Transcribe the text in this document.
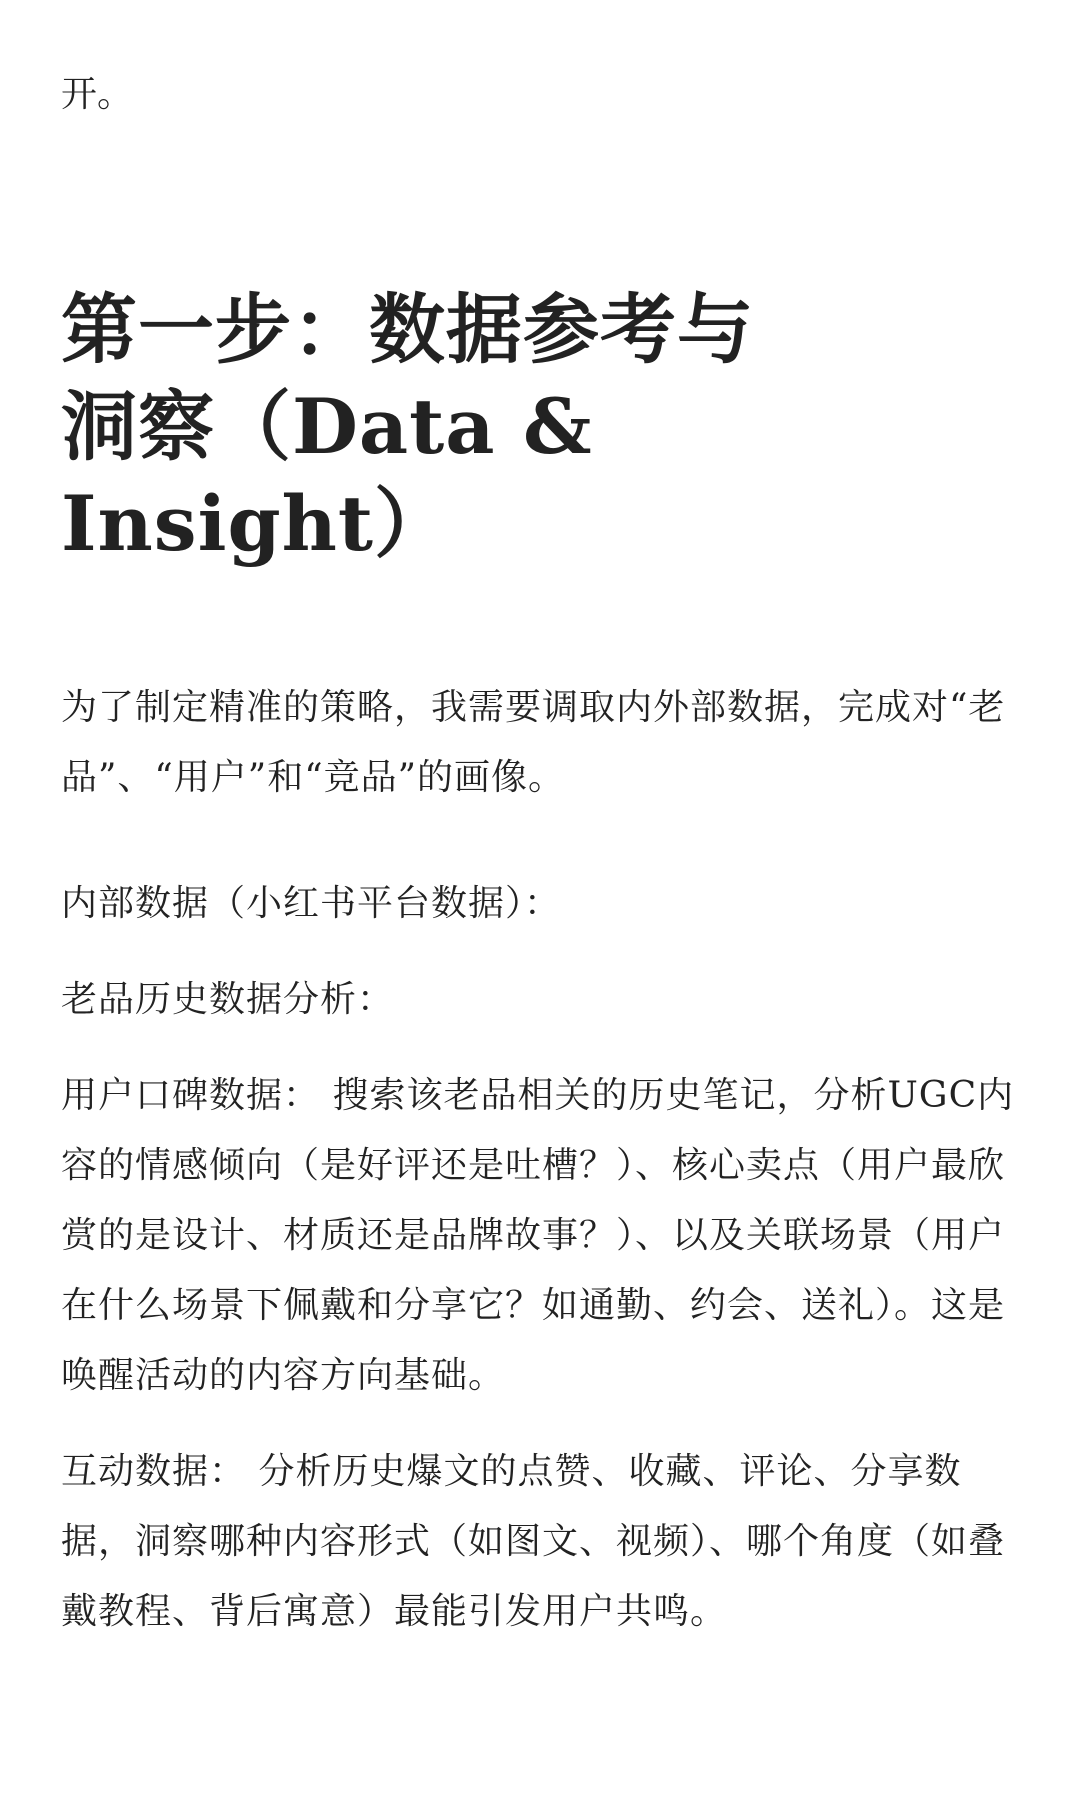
开。

第一步：数据参考与洞察（Data & Insight）

为了制定精准的策略，我需要调取内外部数据，完成对“老品”、“用户”和“竞品”的画像。

内部数据（小红书平台数据）：

老品历史数据分析：

用户口碑数据： 搜索该老品相关的历史笔记，分析UGC内容的情感倾向（是好评还是吐槽？）、核心卖点（用户最欣赏的是设计、材质还是品牌故事？）、以及关联场景（用户在什么场景下佩戴和分享它？如通勤、约会、送礼）。这是唤醒活动的内容方向基础。

互动数据： 分析历史爆文的点赞、收藏、评论、分享数据，洞察哪种内容形式（如图文、视频）、哪个角度（如叠戴教程、背后寓意）最能引发用户共鸣。
